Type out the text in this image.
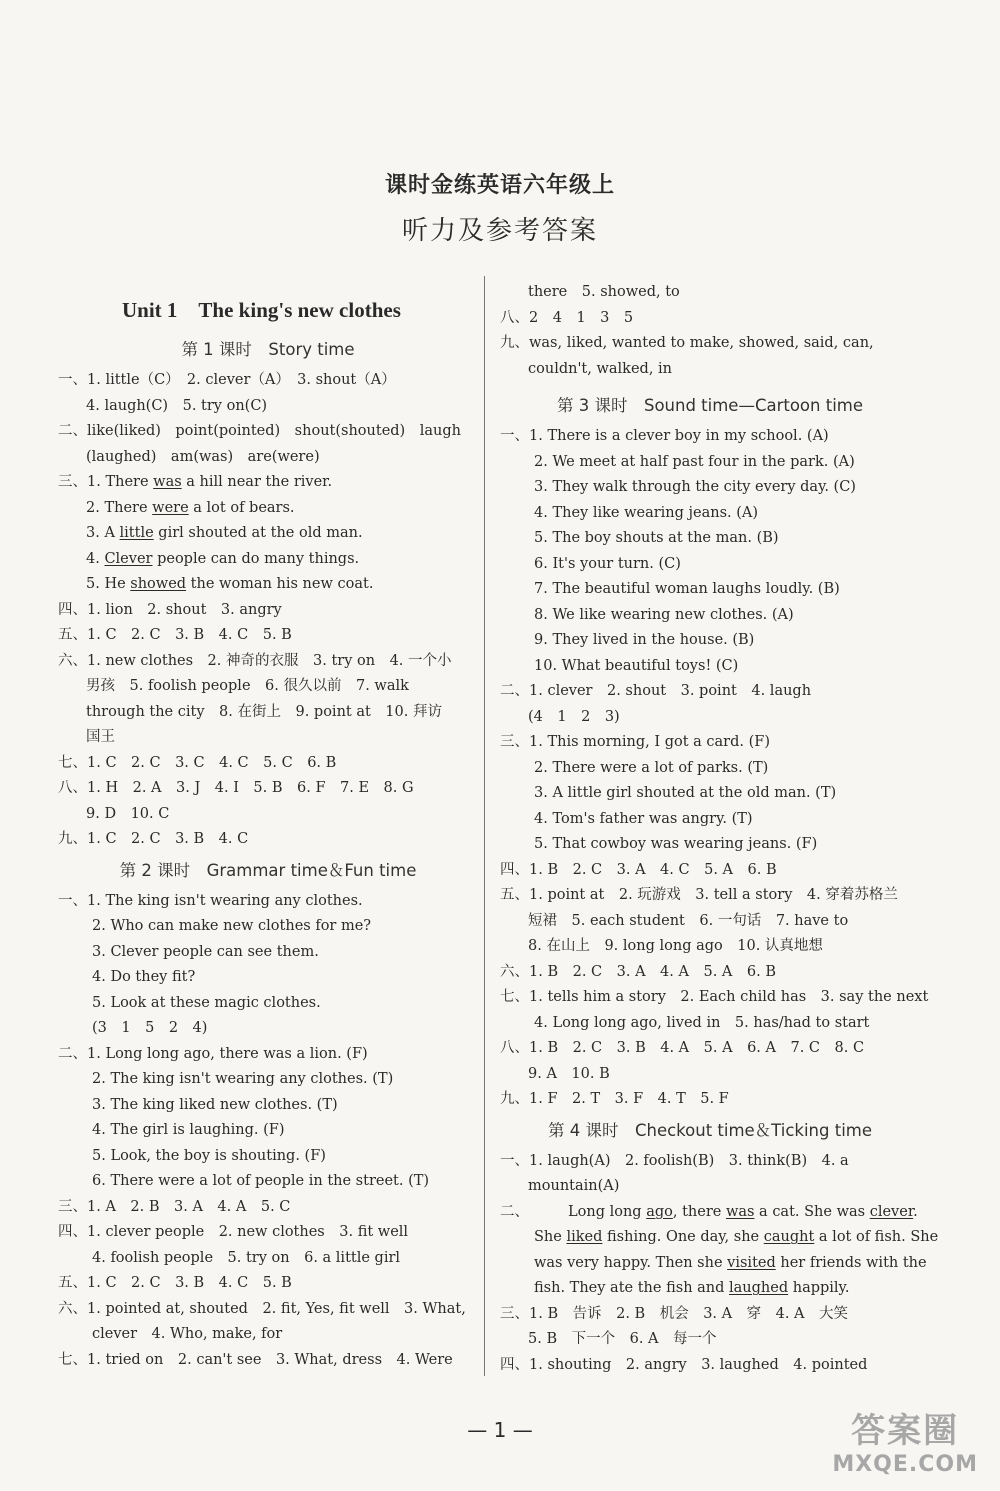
课时金练英语六年级上
听力及参考答案
Unit 1　The king's new clothes
第 1 课时　Story time
一、1. little（C）　2. clever（A）　3. shout（A）
4. laugh(C)　5. try on(C)
二、like(liked)　point(pointed)　shout(shouted)　laugh
(laughed)　am(was)　are(were)
三、1. There was a hill near the river.
2. There were a lot of bears.
3. A little girl shouted at the old man.
4. Clever people can do many things.
5. He showed the woman his new coat.
四、1. lion　2. shout　3. angry
五、1. C　2. C　3. B　4. C　5. B
六、1. new clothes　2. 神奇的衣服　3. try on　4. 一个小
男孩　5. foolish people　6. 很久以前　7. walk
through the city　8. 在街上　9. point at　10. 拜访
国王
七、1. C　2. C　3. C　4. C　5. C　6. B
八、1. H　2. A　3. J　4. I　5. B　6. F　7. E　8. G
9. D　10. C
九、1. C　2. C　3. B　4. C
第 2 课时　Grammar time＆Fun time
一、1. The king isn't wearing any clothes.
2. Who can make new clothes for me?
3. Clever people can see them.
4. Do they fit?
5. Look at these magic clothes.
(3　1　5　2　4)
二、1. Long long ago, there was a lion. (F)
2. The king isn't wearing any clothes. (T)
3. The king liked new clothes. (T)
4. The girl is laughing. (F)
5. Look, the boy is shouting. (F)
6. There were a lot of people in the street. (T)
三、1. A　2. B　3. A　4. A　5. C
四、1. clever people　2. new clothes　3. fit well
4. foolish people　5. try on　6. a little girl
五、1. C　2. C　3. B　4. C　5. B
六、1. pointed at, shouted　2. fit, Yes, fit well　3. What,
clever　4. Who, make, for
七、1. tried on　2. can't see　3. What, dress　4. Were
there　5. showed, to
八、2　4　1　3　5
九、was, liked, wanted to make, showed, said, can,
couldn't, walked, in
第 3 课时　Sound time—Cartoon time
一、1. There is a clever boy in my school. (A)
2. We meet at half past four in the park. (A)
3. They walk through the city every day. (C)
4. They like wearing jeans. (A)
5. The boy shouts at the man. (B)
6. It's your turn. (C)
7. The beautiful woman laughs loudly. (B)
8. We like wearing new clothes. (A)
9. They lived in the house. (B)
10. What beautiful toys! (C)
二、1. clever　2. shout　3. point　4. laugh
(4　1　2　3)
三、1. This morning, I got a card. (F)
2. There were a lot of parks. (T)
3. A little girl shouted at the old man. (T)
4. Tom's father was angry. (T)
5. That cowboy was wearing jeans. (F)
四、1. B　2. C　3. A　4. C　5. A　6. B
五、1. point at　2. 玩游戏　3. tell a story　4. 穿着苏格兰
短裙　5. each student　6. 一句话　7. have to
8. 在山上　9. long long ago　10. 认真地想
六、1. B　2. C　3. A　4. A　5. A　6. B
七、1. tells him a story　2. Each child has　3. say the next
4. Long long ago, lived in　5. has/had to start
八、1. B　2. C　3. B　4. A　5. A　6. A　7. C　8. C
9. A　10. B
九、1. F　2. T　3. F　4. T　5. F
第 4 课时　Checkout time＆Ticking time
一、1. laugh(A)　2. foolish(B)　3. think(B)　4. a
mountain(A)
二、	Long long ago, there was a cat. She was clever.
She liked fishing. One day, she caught a lot of fish. She
was very happy. Then she visited her friends with the
fish. They ate the fish and laughed happily.
三、1. B　告诉　2. B　机会　3. A　穿　4. A　大笑
5. B　下一个　6. A　每一个
四、1. shouting　2. angry　3. laughed　4. pointed
— 1 —	答案圈
MXQE.COM
